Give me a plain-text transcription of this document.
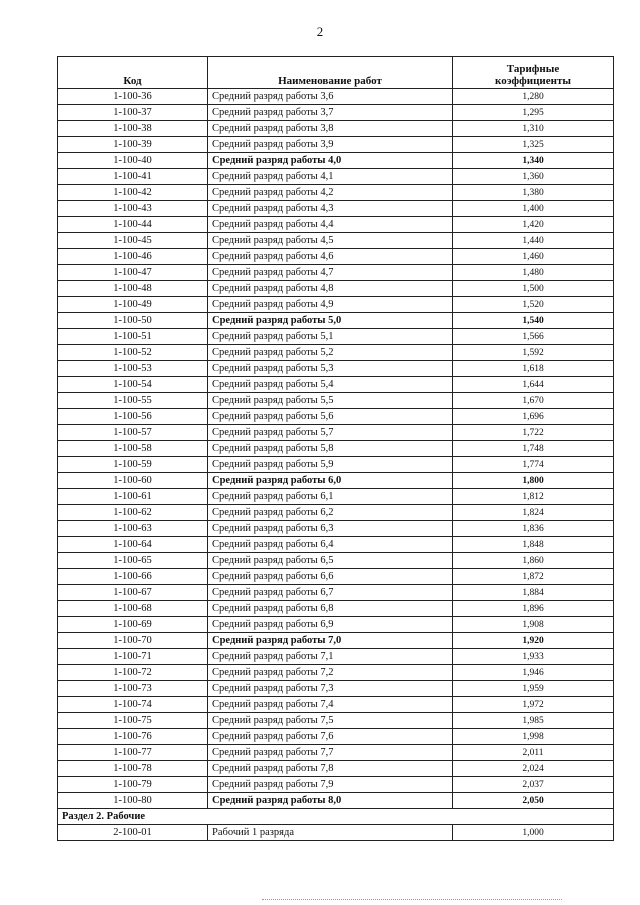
2
Код	Наименование работ	Тарифные
коэффициенты
1-100-36	Средний разряд работы 3,6	1,280
1-100-37	Средний разряд работы 3,7	1,295
1-100-38	Средний разряд работы 3,8	1,310
1-100-39	Средний разряд работы 3,9	1,325
1-100-40	Средний разряд работы 4,0	1,340
1-100-41	Средний разряд работы 4,1	1,360
1-100-42	Средний разряд работы 4,2	1,380
1-100-43	Средний разряд работы 4,3	1,400
1-100-44	Средний разряд работы 4,4	1,420
1-100-45	Средний разряд работы 4,5	1,440
1-100-46	Средний разряд работы 4,6	1,460
1-100-47	Средний разряд работы 4,7	1,480
1-100-48	Средний разряд работы 4,8	1,500
1-100-49	Средний разряд работы 4,9	1,520
1-100-50	Средний разряд работы 5,0	1,540
1-100-51	Средний разряд работы 5,1	1,566
1-100-52	Средний разряд работы 5,2	1,592
1-100-53	Средний разряд работы 5,3	1,618
1-100-54	Средний разряд работы 5,4	1,644
1-100-55	Средний разряд работы 5,5	1,670
1-100-56	Средний разряд работы 5,6	1,696
1-100-57	Средний разряд работы 5,7	1,722
1-100-58	Средний разряд работы 5,8	1,748
1-100-59	Средний разряд работы 5,9	1,774
1-100-60	Средний разряд работы 6,0	1,800
1-100-61	Средний разряд работы 6,1	1,812
1-100-62	Средний разряд работы 6,2	1,824
1-100-63	Средний разряд работы 6,3	1,836
1-100-64	Средний разряд работы 6,4	1,848
1-100-65	Средний разряд работы 6,5	1,860
1-100-66	Средний разряд работы 6,6	1,872
1-100-67	Средний разряд работы 6,7	1,884
1-100-68	Средний разряд работы 6,8	1,896
1-100-69	Средний разряд работы 6,9	1,908
1-100-70	Средний разряд работы 7,0	1,920
1-100-71	Средний разряд работы 7,1	1,933
1-100-72	Средний разряд работы 7,2	1,946
1-100-73	Средний разряд работы 7,3	1,959
1-100-74	Средний разряд работы 7,4	1,972
1-100-75	Средний разряд работы 7,5	1,985
1-100-76	Средний разряд работы 7,6	1,998
1-100-77	Средний разряд работы 7,7	2,011
1-100-78	Средний разряд работы 7,8	2,024
1-100-79	Средний разряд работы 7,9	2,037
1-100-80	Средний разряд работы 8,0	2,050
Раздел 2. Рабочие		
2-100-01	Рабочий 1 разряда	1,000
